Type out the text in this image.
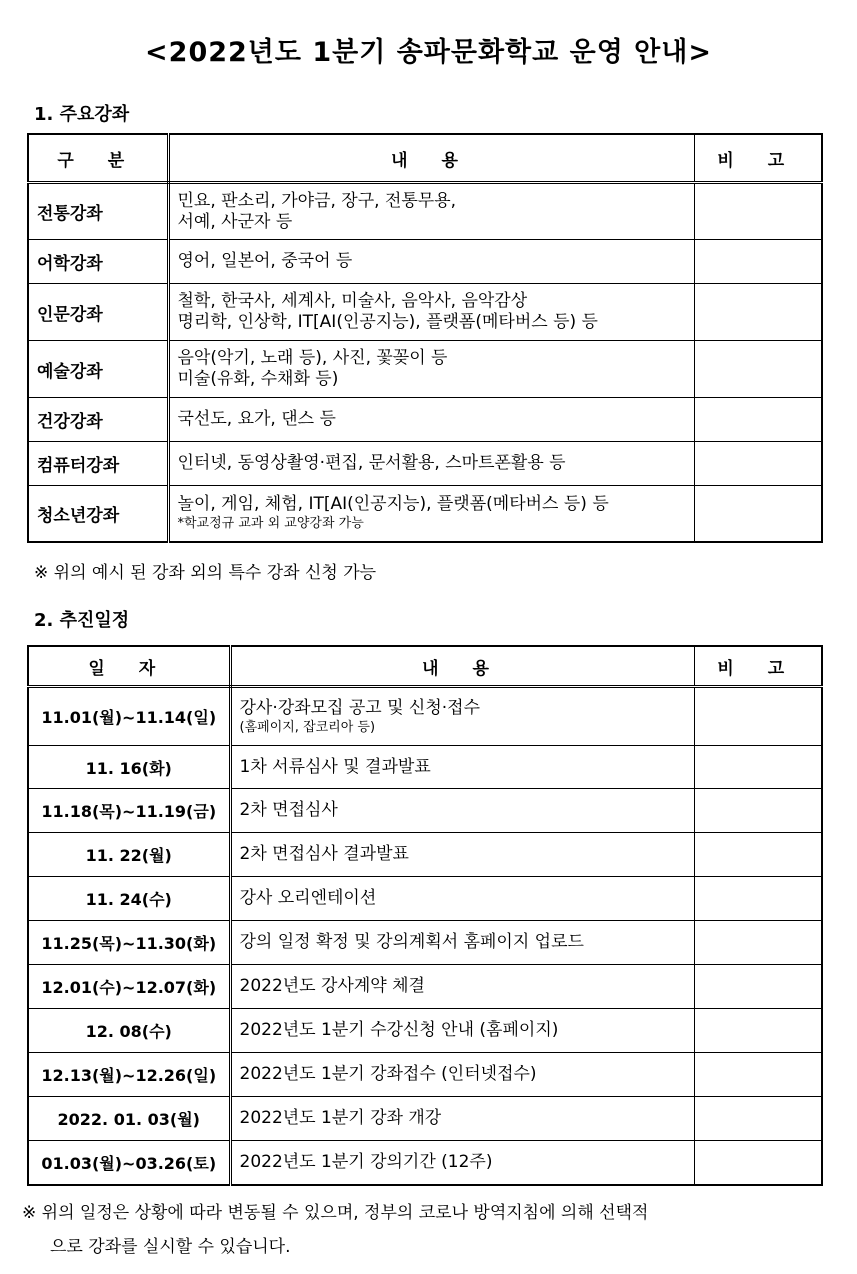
<2022년도 1분기 송파문화학교 운영 안내>
1. 주요강좌
구 분	내 용	비 고
전통강좌	민요, 판소리, 가야금, 장구, 전통무용,
서예, 사군자 등	

어학강좌	영어, 일본어, 중국어 등	

인문강좌	철학, 한국사, 세계사, 미술사, 음악사, 음악감상
명리학, 인상학, IT[AI(인공지능), 플랫폼(메타버스 등) 등	

예술강좌	음악(악기, 노래 등), 사진, 꽃꽂이 등
미술(유화, 수채화 등)	

건강강좌	국선도, 요가, 댄스 등	

컴퓨터강좌	인터넷, 동영상촬영·편집, 문서활용, 스마트폰활용 등	

청소년강좌	놀이, 게임, 체험, IT[AI(인공지능), 플랫폼(메타버스 등) 등
*학교정규 교과 외 교양강좌 가능	

※ 위의 예시 된 강좌 외의 특수 강좌 신청 가능
2. 추진일정
일 자	내 용	비 고
11.01(월)~11.14(일)	강사·강좌모집 공고 및 신청·접수
(홈페이지, 잡코리아 등)	

11. 16(화)	1차 서류심사 및 결과발표	
11.18(목)~11.19(금)	2차 면접심사	
11. 22(월)	2차 면접심사 결과발표	
11. 24(수)	강사 오리엔테이션	
11.25(목)~11.30(화)	강의 일정 확정 및 강의계획서 홈페이지 업로드	
12.01(수)~12.07(화)	2022년도 강사계약 체결	
12. 08(수)	2022년도 1분기 수강신청 안내 (홈페이지)	
12.13(월)~12.26(일)	2022년도 1분기 강좌접수 (인터넷접수)	
2022. 01. 03(월)	2022년도 1분기 강좌 개강	
01.03(월)~03.26(토)	2022년도 1분기 강의기간 (12주)	
※ 위의 일정은 상황에 따라 변동될 수 있으며, 정부의 코로나 방역지침에 의해 선택적
으로 강좌를 실시할 수 있습니다.
